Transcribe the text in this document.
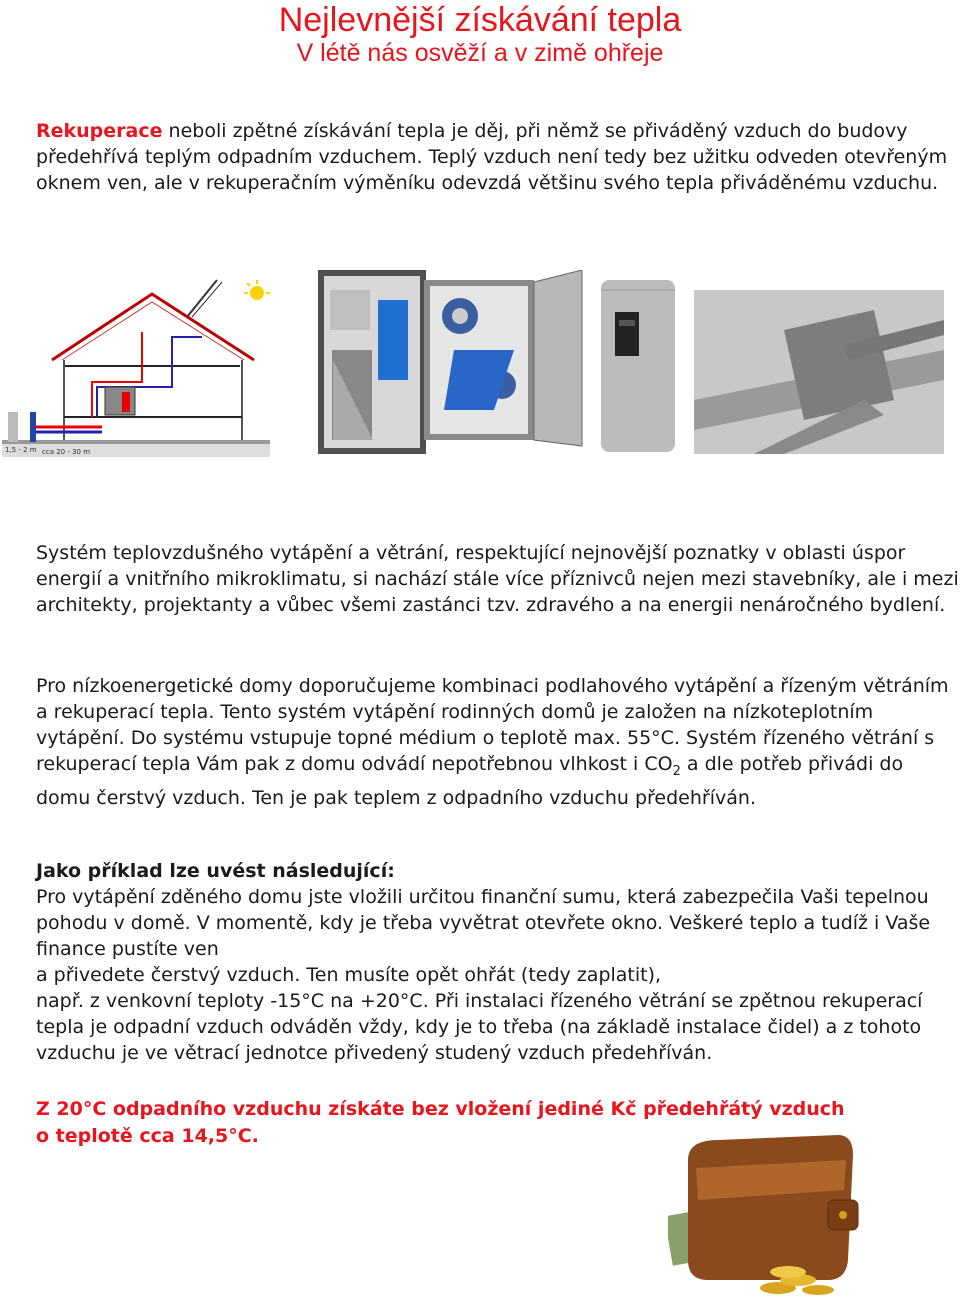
Nejlevnější získávání tepla
V létě nás osvěží a v zimě ohřeje
Rekuperace neboli zpětné získávání tepla je děj, při němž se přiváděný vzduch do budovy předehřívá teplým odpadním vzduchem. Teplý vzduch není tedy bez užitku odveden otevřeným oknem ven, ale v rekuperačním výměníku odevzdá většinu svého tepla přiváděnému vzduchu.
1,5 - 2 m cca 20 - 30 m
Systém teplovzdušného vytápění a větrání, respektující nejnovější poznatky v oblasti úspor energií a vnitřního mikroklimatu, si nachází stále více příznivců nejen mezi stavebníky, ale i mezi architekty, projektanty a vůbec všemi zastánci tzv. zdravého a na energii nenáročného bydlení.
Pro nízkoenergetické domy doporučujeme kombinaci podlahového vytápění a řízeným větráním a rekuperací tepla. Tento systém vytápění rodinných domů je založen na nízkoteplotním vytápění. Do systému vstupuje topné médium o teplotě max. 55°C. Systém řízeného větrání s rekuperací tepla Vám pak z domu odvádí nepotřebnou vlhkost i $CO_2$ a dle potřeb přivádi do domu čerstvý vzduch. Ten je pak teplem z odpadního vzduchu předehříván.
Jako příklad lze uvést následující:
Pro vytápění zděného domu jste vložili určitou finanční sumu, která zabezpečila Vaši tepelnou pohodu v domě. V momentě, kdy je třeba vyvětrat otevřete okno. Veškeré teplo a tudíž i Vaše finance pustíte ven
a přivedete čerstvý vzduch. Ten musíte opět ohřát (tedy zaplatit),
např. z venkovní teploty -15°C na +20°C. Při instalaci řízeného větrání se zpětnou rekuperací tepla je odpadní vzduch odváděn vždy, kdy je to třeba (na základě instalace čidel) a z tohoto vzduchu je ve větrací jednotce přivedený studený vzduch předehříván.
Z 20°C odpadního vzduchu získáte bez vložení jediné Kč předehřátý vzduch
o teplotě cca 14,5°C.
